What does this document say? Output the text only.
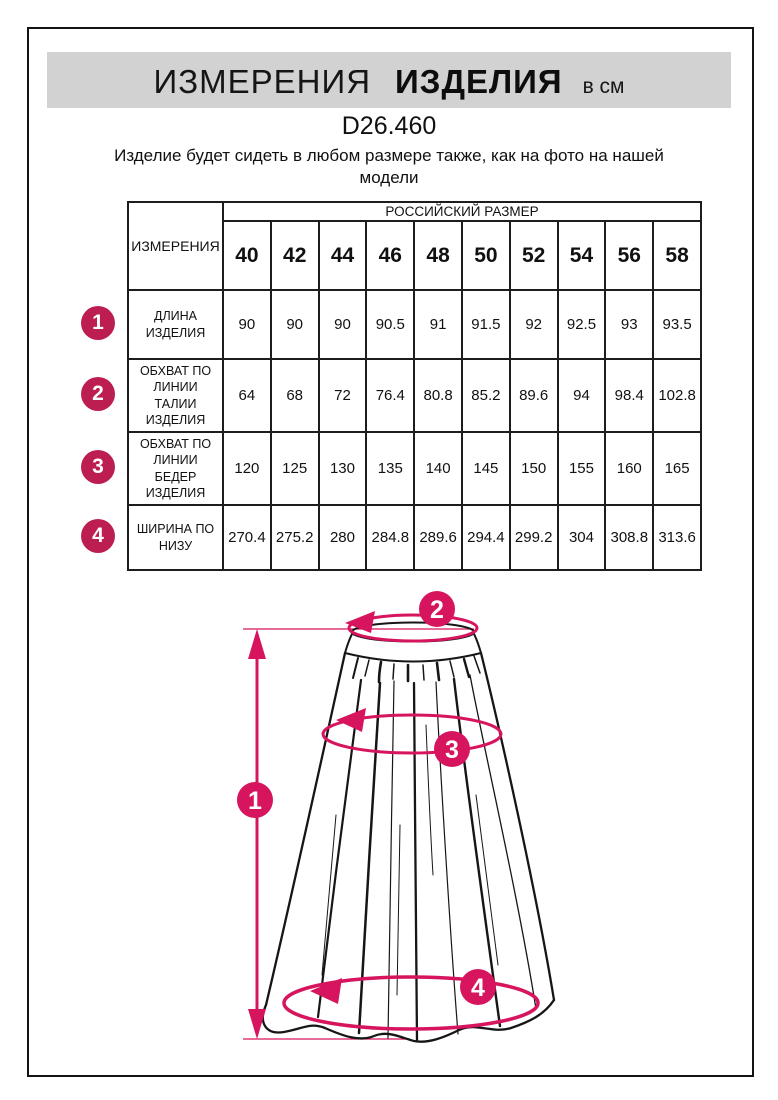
ИЗМЕРЕНИЯ ИЗДЕЛИЯ в см
D26.460
Изделие будет сидеть в любом размере также, как на фото на нашей модели
ИЗМЕРЕНИЯ	РОССИЙСКИЙ РАЗМЕР									
	40	42	44	46	48	50	52	54	56	58
ДЛИНА ИЗДЕЛИЯ	90	90	90	90.5	91	91.5	92	92.5	93	93.5
ОБХВАТ ПО ЛИНИИ ТАЛИИ ИЗДЕЛИЯ	64	68	72	76.4	80.8	85.2	89.6	94	98.4	102.8
ОБХВАТ ПО ЛИНИИ БЕДЕР ИЗДЕЛИЯ	120	125	130	135	140	145	150	155	160	165
ШИРИНА ПО НИЗУ	270.4	275.2	280	284.8	289.6	294.4	299.2	304	308.8	313.6
1
2
3
4
1
2
3
4
